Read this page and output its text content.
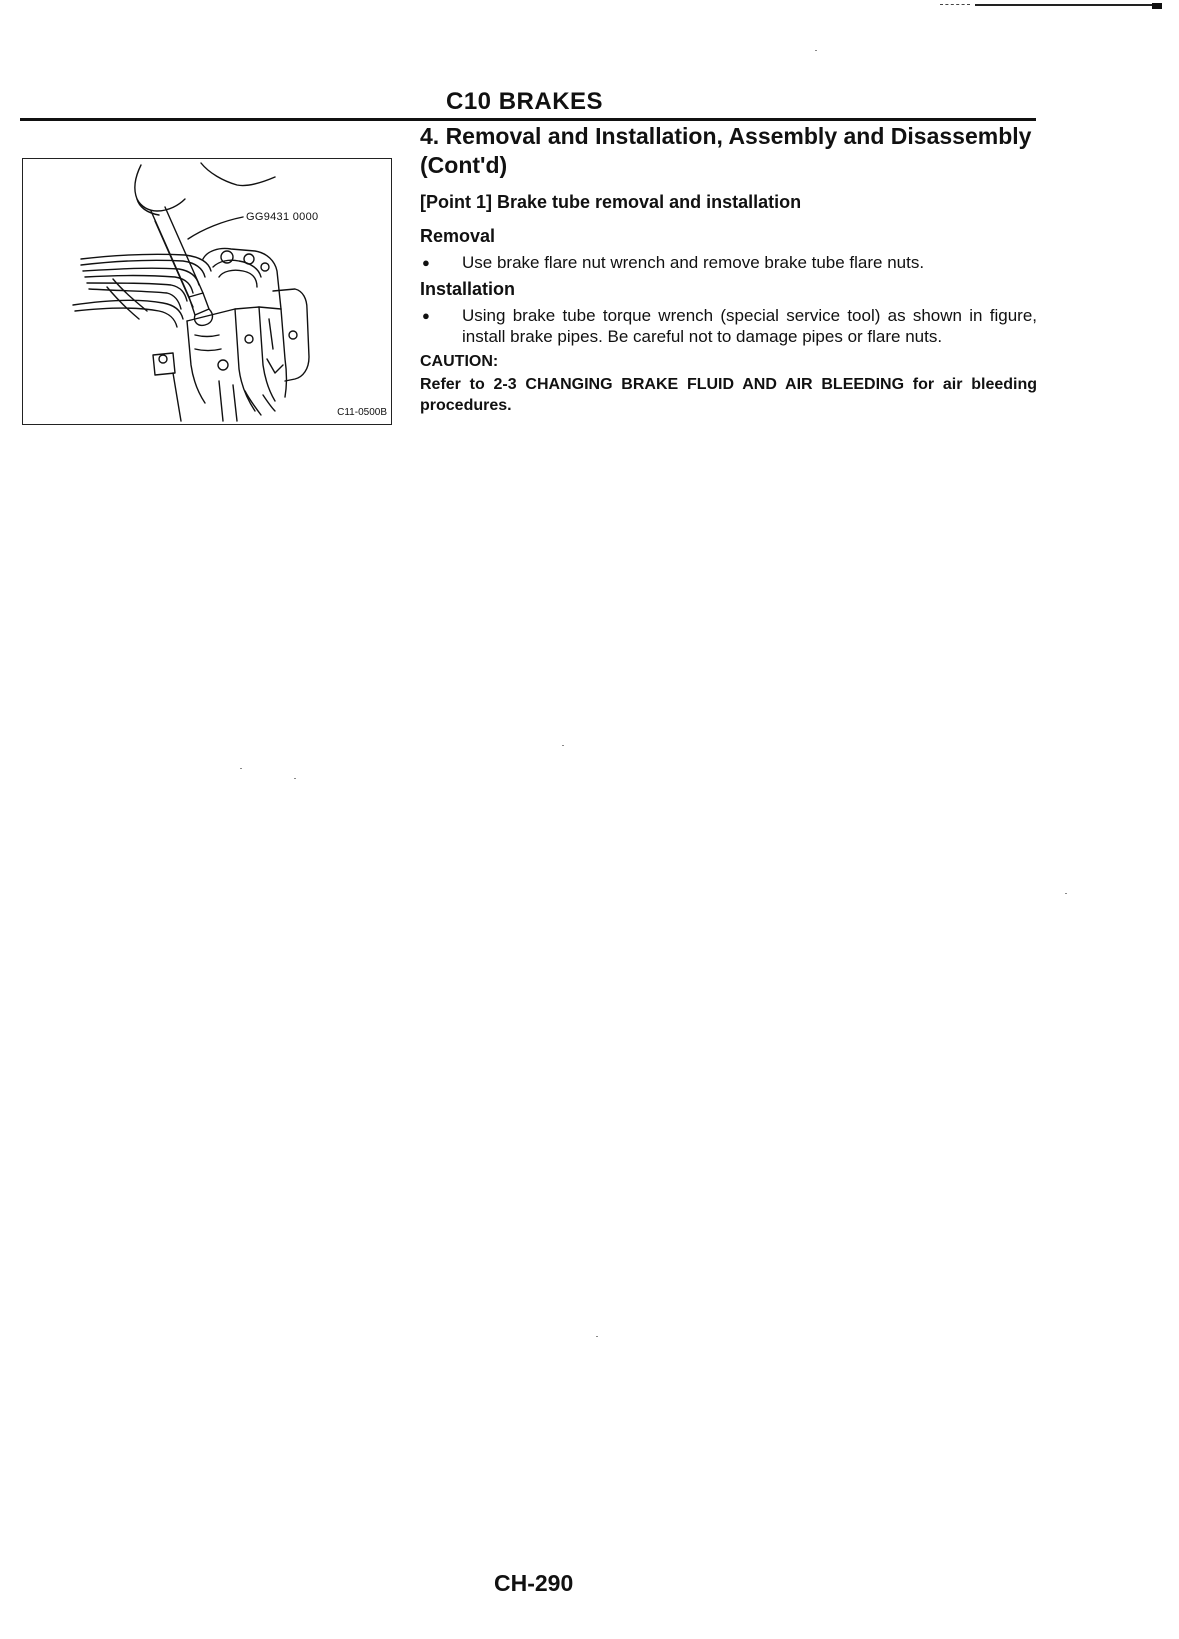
C10 BRAKES
GG9431 0000
C11-0500B
4. Removal and Installation, Assembly and Disassembly (Cont'd)
[Point 1] Brake tube removal and installation
Removal
●	Use brake flare nut wrench and remove brake tube flare nuts.
Installation
●	Using brake tube torque wrench (special service tool) as shown in figure, install brake pipes. Be careful not to damage pipes or flare nuts.

CAUTION:

Refer to 2-3 CHANGING BRAKE FLUID AND AIR BLEEDING for air bleeding procedures.

CH-290
